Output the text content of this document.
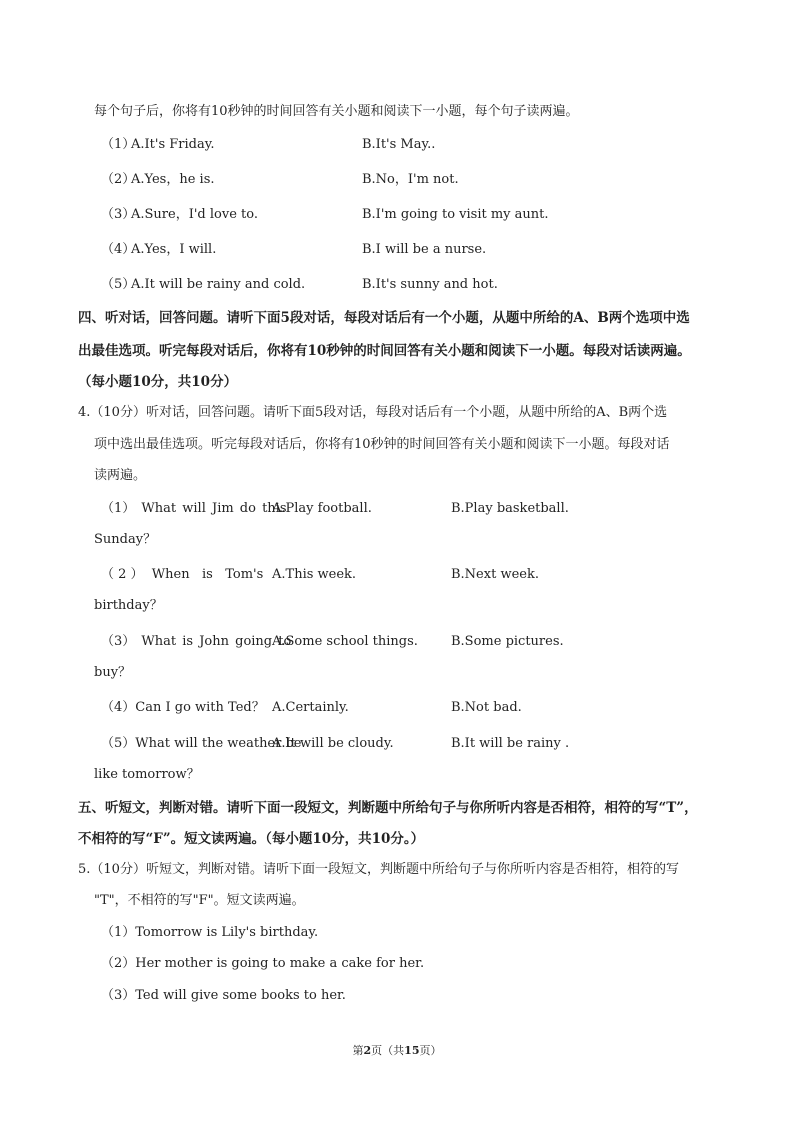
每个句子后，你将有10秒钟的时间回答有关小题和阅读下一小题，每个句子读两遍。
（1）
A.It's Friday.	B.It's May..
（2）
A.Yes，he is.	B.No，I'm not.
（3）
A.Sure，I'd love to.	B.I'm going to visit my aunt.
（4）
A.Yes，I will.	B.I will be a nurse.
（5）
A.It will be rainy and cold.	B.It's sunny and hot.
四、听对话，回答问题。请听下面5段对话，每段对话后有一个小题，从题中所给的A、B两个选项中选
出最佳选项。听完每段对话后，你将有10秒钟的时间回答有关小题和阅读下一小题。每段对话读两遍。
（每小题10分，共10分）
4.（10分）听对话，回答问题。请听下面5段对话，每段对话后有一个小题，从题中所给的A、B两个选
项中选出最佳选项。听完每段对话后，你将有10秒钟的时间回答有关小题和阅读下一小题。每段对话
读两遍。
（1） What will Jim do this
A.Play football.	B.Play basketball.
Sunday？
（ 2 ）  When   is   Tom's A.This week.	B.Next week.
birthday？
（3） What is John going to
A.Some school things.	B.Some pictures.
buy？
（4）Can I go with Ted？ A.Certainly.	B.Not bad.
（5）What will the weather be
A.It will be cloudy.	B.It will be rainy .
like tomorrow？
五、听短文，判断对错。请听下面一段短文，判断题中所给句子与你所听内容是否相符，相符的写“T”，
不相符的写“F”。短文读两遍。（每小题10分，共10分。）
5.（10分）听短文，判断对错。请听下面一段短文，判断题中所给句子与你所听内容是否相符，相符的写
"T"，不相符的写"F"。短文读两遍。
（1）Tomorrow is Lily's birthday.
（2）Her mother is going to make a cake for her.
（3）Ted will give some books to her.
第2页（共15页）
